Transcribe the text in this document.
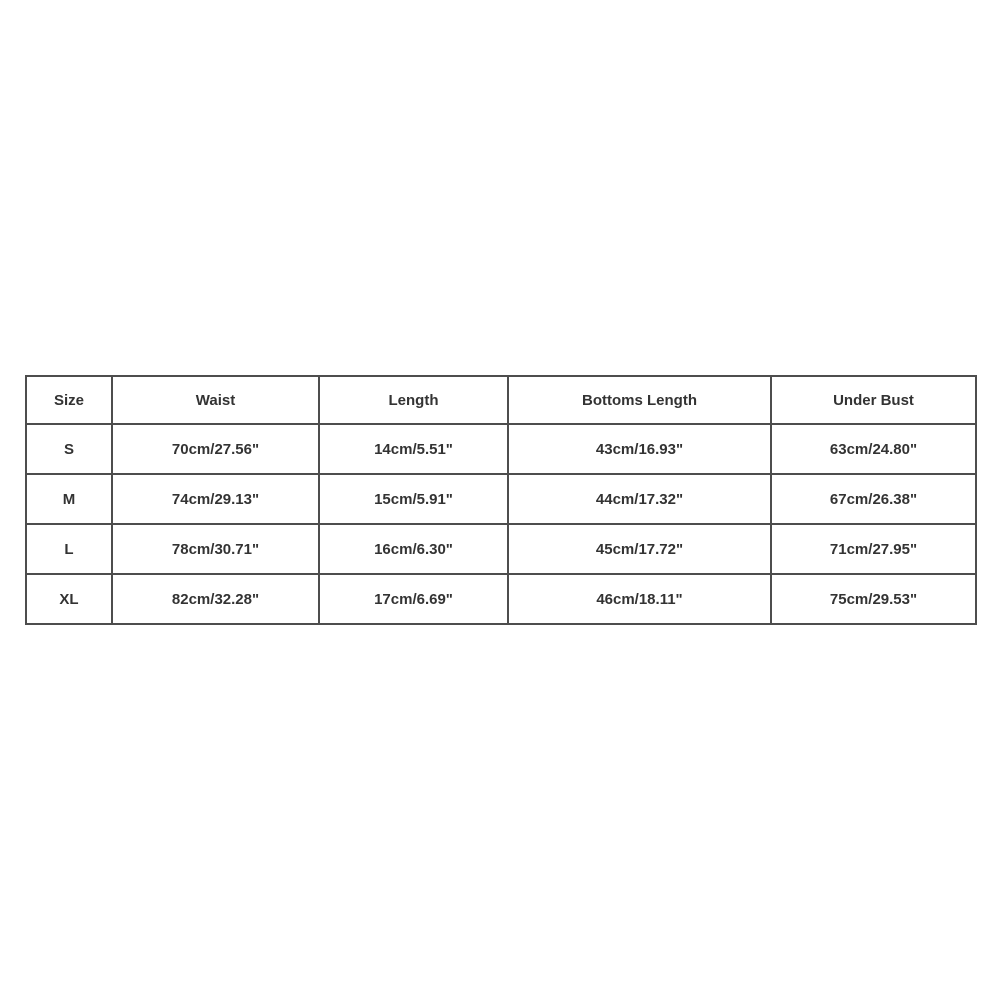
Size	Waist	Length	Bottoms Length	Under Bust
S	70cm/27.56"	14cm/5.51"	43cm/16.93"	63cm/24.80"
M	74cm/29.13"	15cm/5.91"	44cm/17.32"	67cm/26.38"
L	78cm/30.71"	16cm/6.30"	45cm/17.72"	71cm/27.95"
XL	82cm/32.28"	17cm/6.69"	46cm/18.11"	75cm/29.53"
